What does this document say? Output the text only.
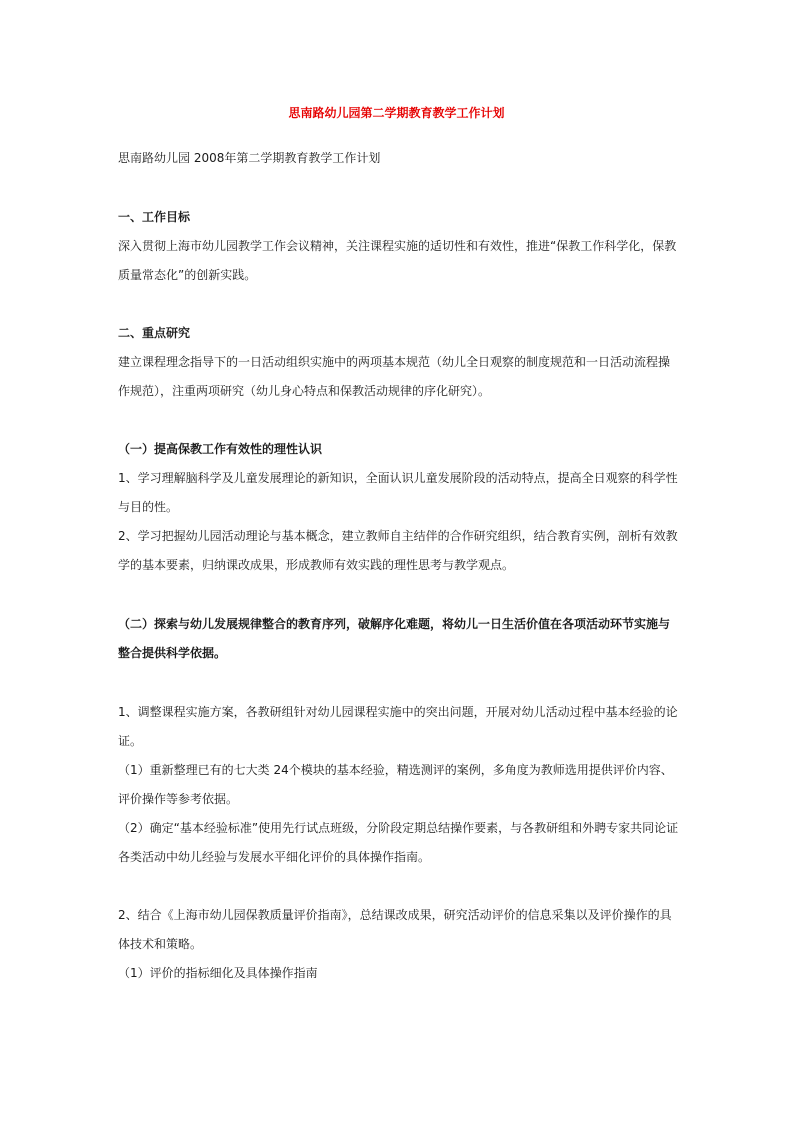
思南路幼儿园第二学期教育教学工作计划
思南路幼儿园 2008年第二学期教育教学工作计划
一、工作目标
深入贯彻上海市幼儿园教学工作会议精神，关注课程实施的适切性和有效性，推进“保教工作科学化，保教
质量常态化”的创新实践。
二、重点研究
建立课程理念指导下的一日活动组织实施中的两项基本规范（幼儿全日观察的制度规范和一日活动流程操
作规范），注重两项研究（幼儿身心特点和保教活动规律的序化研究）。
（一）提高保教工作有效性的理性认识
1、学习理解脑科学及儿童发展理论的新知识，全面认识儿童发展阶段的活动特点，提高全日观察的科学性
与目的性。
2、学习把握幼儿园活动理论与基本概念，建立教师自主结伴的合作研究组织，结合教育实例，剖析有效教
学的基本要素，归纳课改成果，形成教师有效实践的理性思考与教学观点。
（二）探索与幼儿发展规律整合的教育序列，破解序化难题，将幼儿一日生活价值在各项活动环节实施与
整合提供科学依据。
1、调整课程实施方案，各教研组针对幼儿园课程实施中的突出问题，开展对幼儿活动过程中基本经验的论
证。
（1）重新整理已有的七大类 24个模块的基本经验，精选测评的案例，多角度为教师选用提供评价内容、
评价操作等参考依据。
（2）确定“基本经验标准”使用先行试点班级，分阶段定期总结操作要素，与各教研组和外聘专家共同论证
各类活动中幼儿经验与发展水平细化评价的具体操作指南。
2、结合《上海市幼儿园保教质量评价指南》，总结课改成果，研究活动评价的信息采集以及评价操作的具
体技术和策略。
（1）评价的指标细化及具体操作指南
